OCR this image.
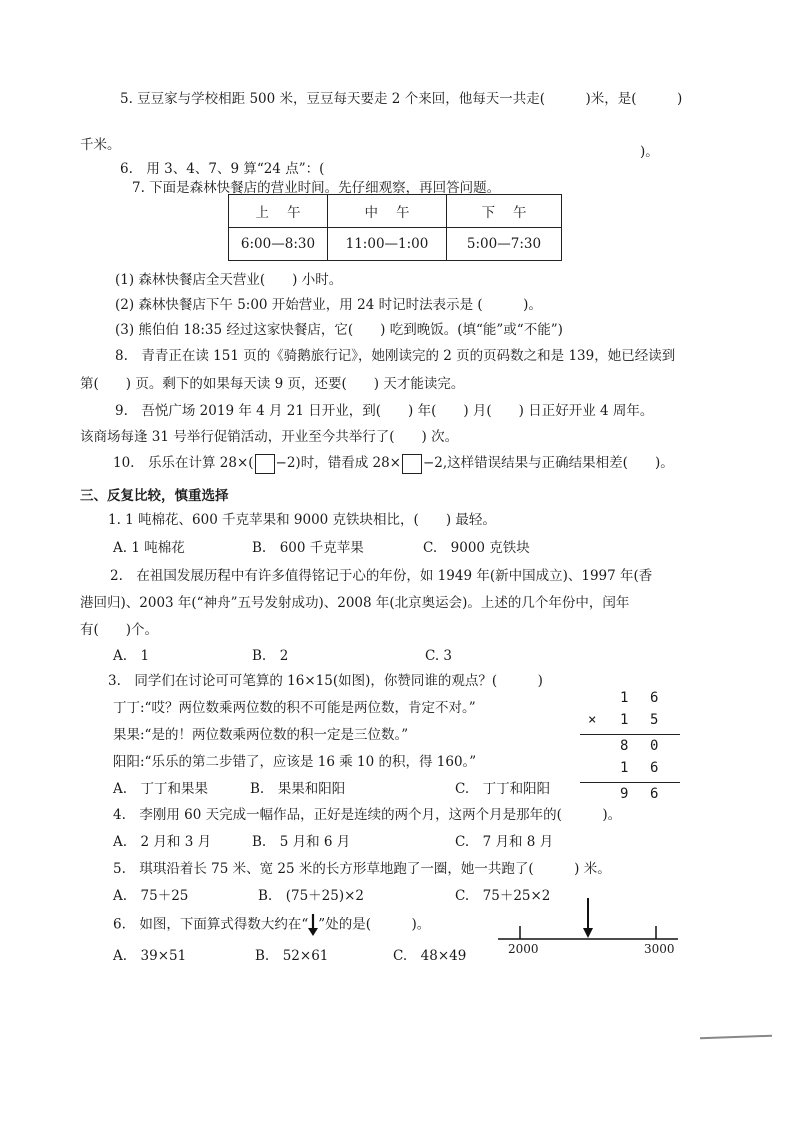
5. 豆豆家与学校相距 500 米，豆豆每天要走 2 个来回，他每天一共走(　　　)米，是(　　　)
千米。
6.　用 3、4、7、9 算“24 点”：(
)。
7. 下面是森林快餐店的营业时间。先仔细观察，再回答问题。
上午	中午	下午
6:00—8:30	11:00—1:00	5:00—7:30
(1) 森林快餐店全天营业(　　) 小时。
(2) 森林快餐店下午 5:00 开始营业，用 24 时记时法表示是 (　　　)。
(3) 熊伯伯 18:35 经过这家快餐店，它(　　) 吃到晚饭。(填“能”或“不能”)
8.　青青正在读 151 页的《骑鹅旅行记》，她刚读完的 2 页的页码数之和是 139，她已经读到
第(　　) 页。剩下的如果每天读 9 页，还要(　　) 天才能读完。
9.　吾悦广场 2019 年 4 月 21 日开业，到(　　) 年(　　) 月(　　) 日正好开业 4 周年。
该商场每逢 31 号举行促销活动，开业至今共举行了(　　) 次。
10.　乐乐在计算 28×( −2)时，错看成 28× −2,这样错误结果与正确结果相差(　　)。
三、反复比较，慎重选择
1. 1 吨棉花、600 千克苹果和 9000 克铁块相比，(　　) 最轻。
A. 1 吨棉花	B.　600 千克苹果	C.　9000 克铁块
2.　在祖国发展历程中有许多值得铭记于心的年份，如 1949 年(新中国成立)、1997 年(香
港回归)、2003 年(“神舟”五号发射成功)、2008 年(北京奥运会)。上述的几个年份中，闰年
有(　　)个。
A.　1	B.　2	C. 3
3.　同学们在讨论可可笔算的 16×15(如图)，你赞同谁的观点？(　　　)
丁丁:“哎？两位数乘两位数的积不可能是两位数，肯定不对。”
果果:“是的！两位数乘两位数的积一定是三位数。”
阳阳:“乐乐的第二步错了，应该是 16 乘 10 的积，得 160。”
A.　丁丁和果果	B.　果果和阳阳	C.　丁丁和阳阳
1 6
× 1 5
8 0
1 6
9 6
4.　李刚用 60 天完成一幅作品，正好是连续的两个月，这两个月是那年的(　　　)。
A.　2 月和 3 月	B.　5 月和 6 月	C.　7 月和 8 月
5.　琪琪沿着长 75 米、宽 25 米的长方形草地跑了一圈，她一共跑了(　　　) 米。
A.　75＋25	B.　(75＋25)×2	C.　75＋25×2
6.　如图，下面算式得数大约在“ ”处的是(　　　)。
A.　39×51	B.　52×61	C.　48×49	2000	3000
